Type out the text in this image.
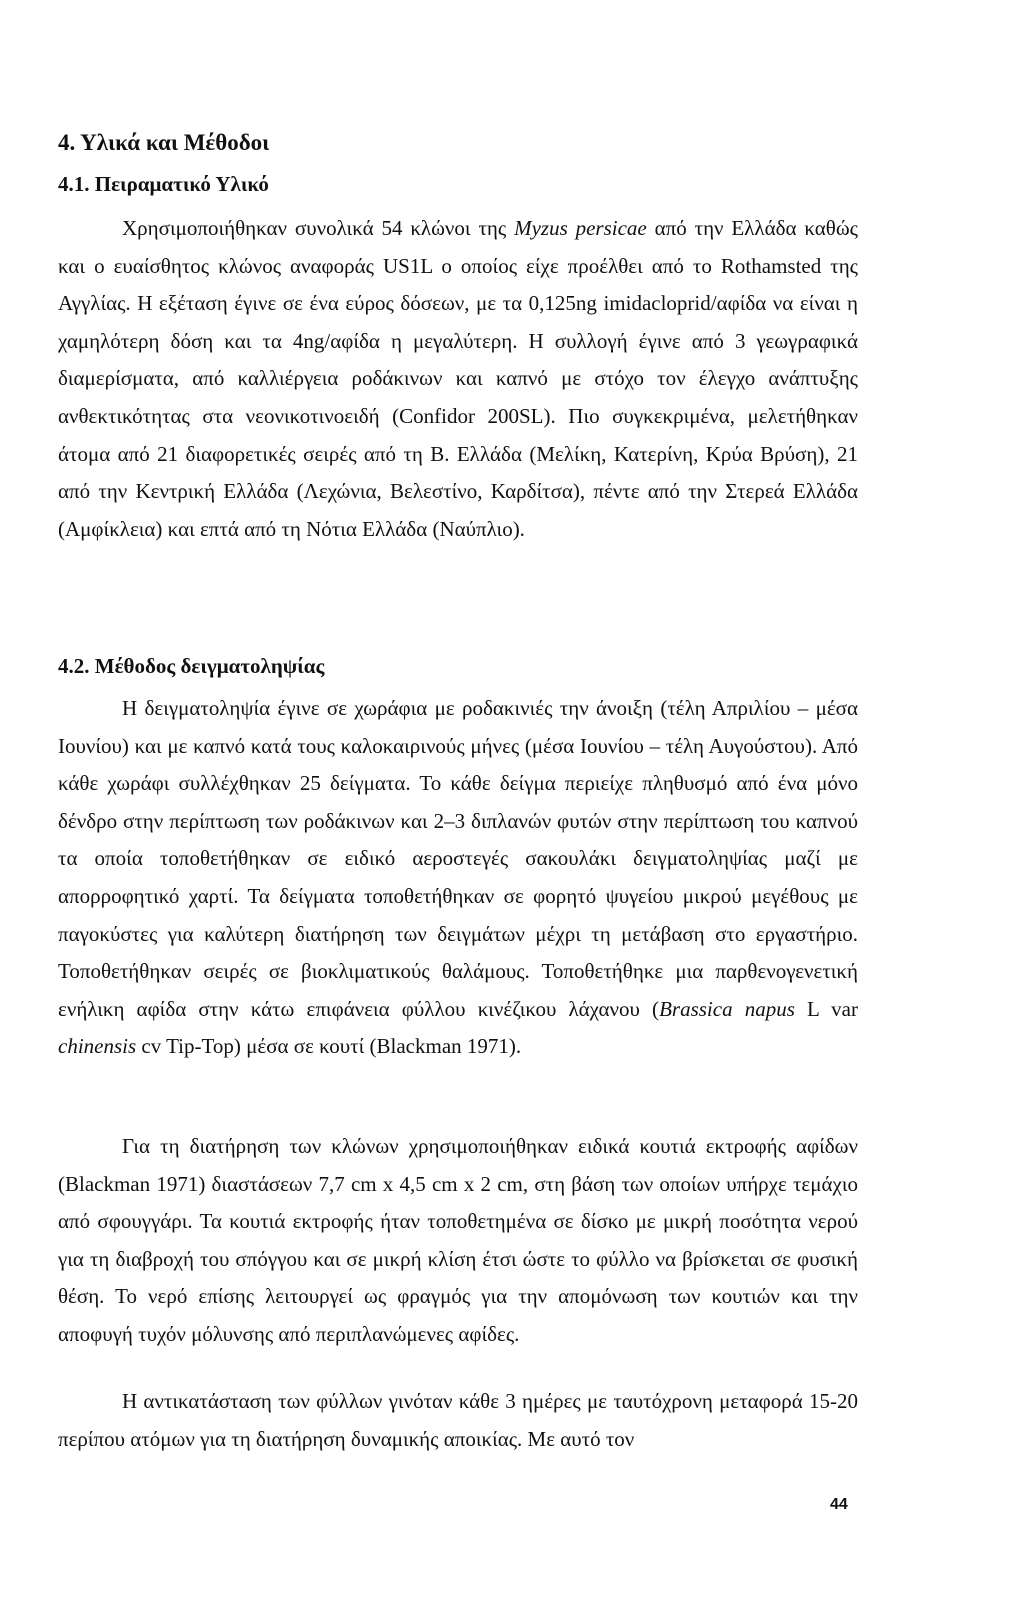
4. Υλικά και Μέθοδοι
4.1. Πειραματικό Υλικό

Χρησιμοποιήθηκαν συνολικά 54 κλώνοι της Myzus persicae από την Ελλάδα καθώς και ο ευαίσθητος κλώνος αναφοράς US1L ο οποίος είχε προέλθει από το Rothamsted της Αγγλίας. Η εξέταση έγινε σε ένα εύρος δόσεων, με τα 0,125ng imidacloprid/αφίδα να είναι η χαμηλότερη δόση και τα 4ng/αφίδα η μεγαλύτερη. Η συλλογή έγινε από 3 γεωγραφικά διαμερίσματα, από καλλιέργεια ροδάκινων και καπνό με στόχο τον έλεγχο ανάπτυξης ανθεκτικότητας στα νεονικοτινοειδή (Confidor 200SL). Πιο συγκεκριμένα, μελετήθηκαν άτομα από 21 διαφορετικές σειρές από τη Β. Ελλάδα (Μελίκη, Κατερίνη, Κρύα Βρύση), 21 από την Κεντρική Ελλάδα (Λεχώνια, Βελεστίνο, Καρδίτσα), πέντε από την Στερεά Ελλάδα (Αμφίκλεια) και επτά από τη Νότια Ελλάδα (Ναύπλιο).

4.2. Μέθοδος δειγματοληψίας

Η δειγματοληψία έγινε σε χωράφια με ροδακινιές την άνοιξη (τέλη Απριλίου – μέσα Ιουνίου) και με καπνό κατά τους καλοκαιρινούς μήνες (μέσα Ιουνίου – τέλη Αυγούστου). Από κάθε χωράφι συλλέχθηκαν 25 δείγματα. Το κάθε δείγμα περιείχε πληθυσμό από ένα μόνο δένδρο στην περίπτωση των ροδάκινων και 2–3 διπλανών φυτών στην περίπτωση του καπνού τα οποία τοποθετήθηκαν σε ειδικό αεροστεγές σακουλάκι δειγματοληψίας μαζί με απορροφητικό χαρτί. Τα δείγματα τοποθετήθηκαν σε φορητό ψυγείου μικρού μεγέθους με παγοκύστες για καλύτερη διατήρηση των δειγμάτων μέχρι τη μετάβαση στο εργαστήριο. Τοποθετήθηκαν σειρές σε βιοκλιματικούς θαλάμους. Τοποθετήθηκε μια παρθενογενετική ενήλικη αφίδα στην κάτω επιφάνεια φύλλου κινέζικου λάχανου (Brassica napus L var chinensis cv Tip-Top) μέσα σε κουτί (Blackman 1971).

Για τη διατήρηση των κλώνων χρησιμοποιήθηκαν ειδικά κουτιά εκτροφής αφίδων (Blackman 1971) διαστάσεων 7,7 cm x 4,5 cm x 2 cm, στη βάση των οποίων υπήρχε τεμάχιο από σφουγγάρι. Τα κουτιά εκτροφής ήταν τοποθετημένα σε δίσκο με μικρή ποσότητα νερού για τη διαβροχή του σπόγγου και σε μικρή κλίση έτσι ώστε το φύλλο να βρίσκεται σε φυσική θέση. Το νερό επίσης λειτουργεί ως φραγμός για την απομόνωση των κουτιών και την αποφυγή τυχόν μόλυνσης από περιπλανώμενες αφίδες.

Η αντικατάσταση των φύλλων γινόταν κάθε 3 ημέρες με ταυτόχρονη μεταφορά 15-20 περίπου ατόμων για τη διατήρηση δυναμικής αποικίας. Με αυτό τον

44
